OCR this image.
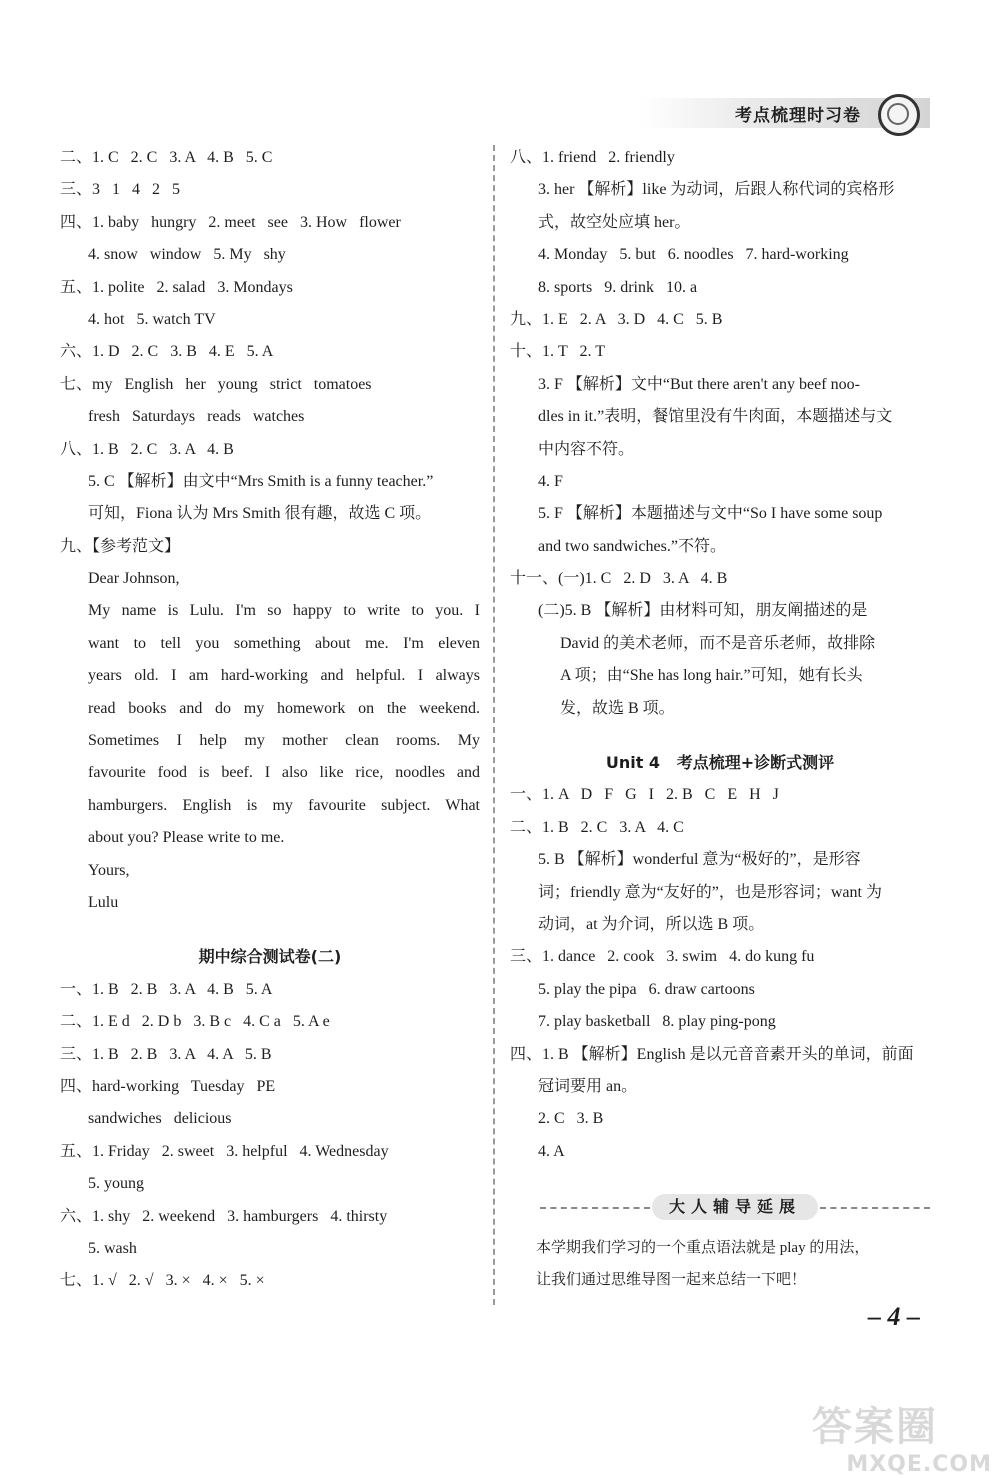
考点梳理时习卷
二、1. C   2. C   3. A   4. B   5. C
三、3   1   4   2   5
四、1. baby   hungry   2. meet   see   3. How   flower
4. snow   window   5. My   shy
五、1. polite   2. salad   3. Mondays
4. hot   5. watch TV
六、1. D   2. C   3. B   4. E   5. A
七、my   English   her   young   strict   tomatoes
fresh   Saturdays   reads   watches
八、1. B   2. C   3. A   4. B
5. C 【解析】由文中“Mrs Smith is a funny teacher.”
可知，Fiona 认为 Mrs Smith 很有趣，故选 C 项。
九、【参考范文】
Dear Johnson,
My name is Lulu. I'm so happy to write to you. I
want to tell you something about me. I'm eleven
years old. I am hard-working and helpful. I always
read books and do my homework on the weekend.
Sometimes I help my mother clean rooms. My
favourite food is beef. I also like rice, noodles and
hamburgers. English is my favourite subject. What
about you? Please write to me.
Yours,
Lulu
期中综合测试卷(二)
一、1. B   2. B   3. A   4. B   5. A
二、1. E d   2. D b   3. B c   4. C a   5. A e
三、1. B   2. B   3. A   4. A   5. B
四、hard-working   Tuesday   PE
sandwiches   delicious
五、1. Friday   2. sweet   3. helpful   4. Wednesday
5. young
六、1. shy   2. weekend   3. hamburgers   4. thirsty
5. wash
七、1. √   2. √   3. ×   4. ×   5. ×
八、1. friend   2. friendly
3. her 【解析】like 为动词，后跟人称代词的宾格形
式，故空处应填 her。
4. Monday   5. but   6. noodles   7. hard-working
8. sports   9. drink   10. a
九、1. E   2. A   3. D   4. C   5. B
十、1. T   2. T
3. F 【解析】文中“But there aren't any beef noo-
dles in it.”表明，餐馆里没有牛肉面，本题描述与文
中内容不符。
4. F
5. F 【解析】本题描述与文中“So I have some soup
and two sandwiches.”不符。
十一、(一)1. C   2. D   3. A   4. B
(二)5. B 【解析】由材料可知，朋友阐描述的是
David 的美术老师，而不是音乐老师，故排除
A 项；由“She has long hair.”可知，她有长头
发，故选 B 项。
Unit 4   考点梳理+诊断式测评
一、1. A   D   F   G   I   2. B   C   E   H   J
二、1. B   2. C   3. A   4. C
5. B 【解析】wonderful 意为“极好的”，是形容
词；friendly 意为“友好的”，也是形容词；want 为
动词，at 为介词，所以选 B 项。
三、1. dance   2. cook   3. swim   4. do kung fu
5. play the pipa   6. draw cartoons
7. play basketball   8. play ping-pong
四、1. B 【解析】English 是以元音音素开头的单词，前面
冠词要用 an。
2. C   3. B
4. A
大人辅导延展
本学期我们学习的一个重点语法就是 play 的用法，
让我们通过思维导图一起来总结一下吧！
– 4 –
答案圈
MXQE.COM
